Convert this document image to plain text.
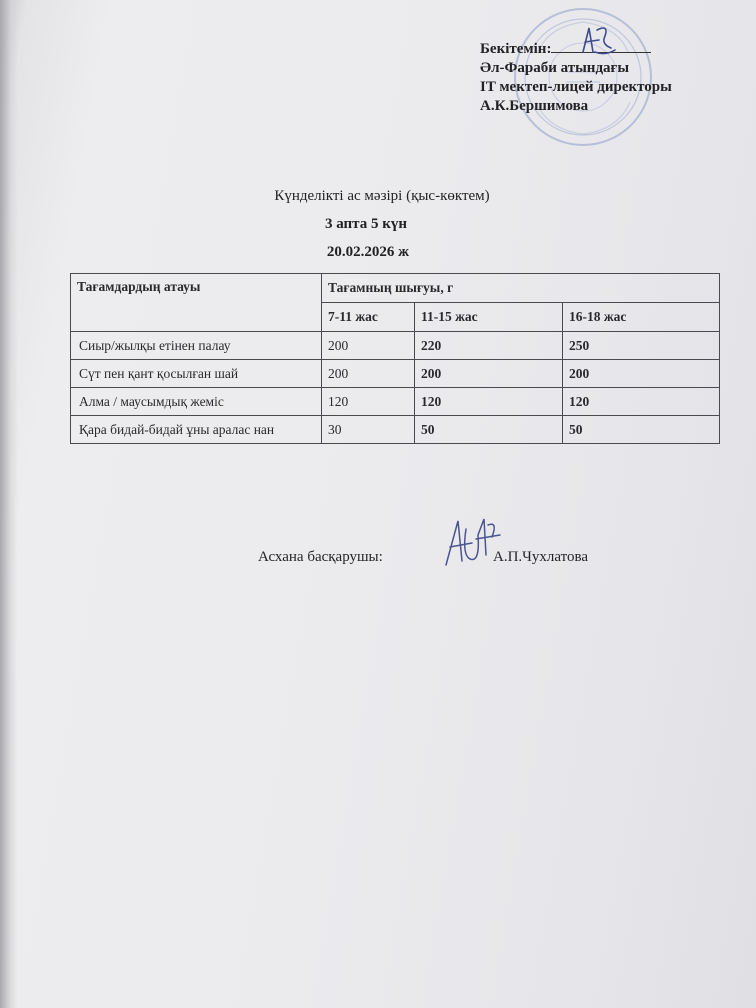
Бекітемін:
Әл-Фараби атындағы
IT мектеп-лицей директоры
А.К.Бершимова
Күнделікті ас мәзірі (қыс-көктем)
3 апта 5 күн
20.02.2026 ж
Тағамдардың атауы	Тағамның шығуы, г		
	7-11 жас	11-15 жас	16-18 жас
Сиыр/жылқы етінен палау	200	220	250
Сүт пен қант қосылған шай	200	200	200
Алма / маусымдық жеміс	120	120	120
Қара бидай-бидай ұны аралас нан	30	50	50
Асхана басқарушы:	А.П.Чухлатова
